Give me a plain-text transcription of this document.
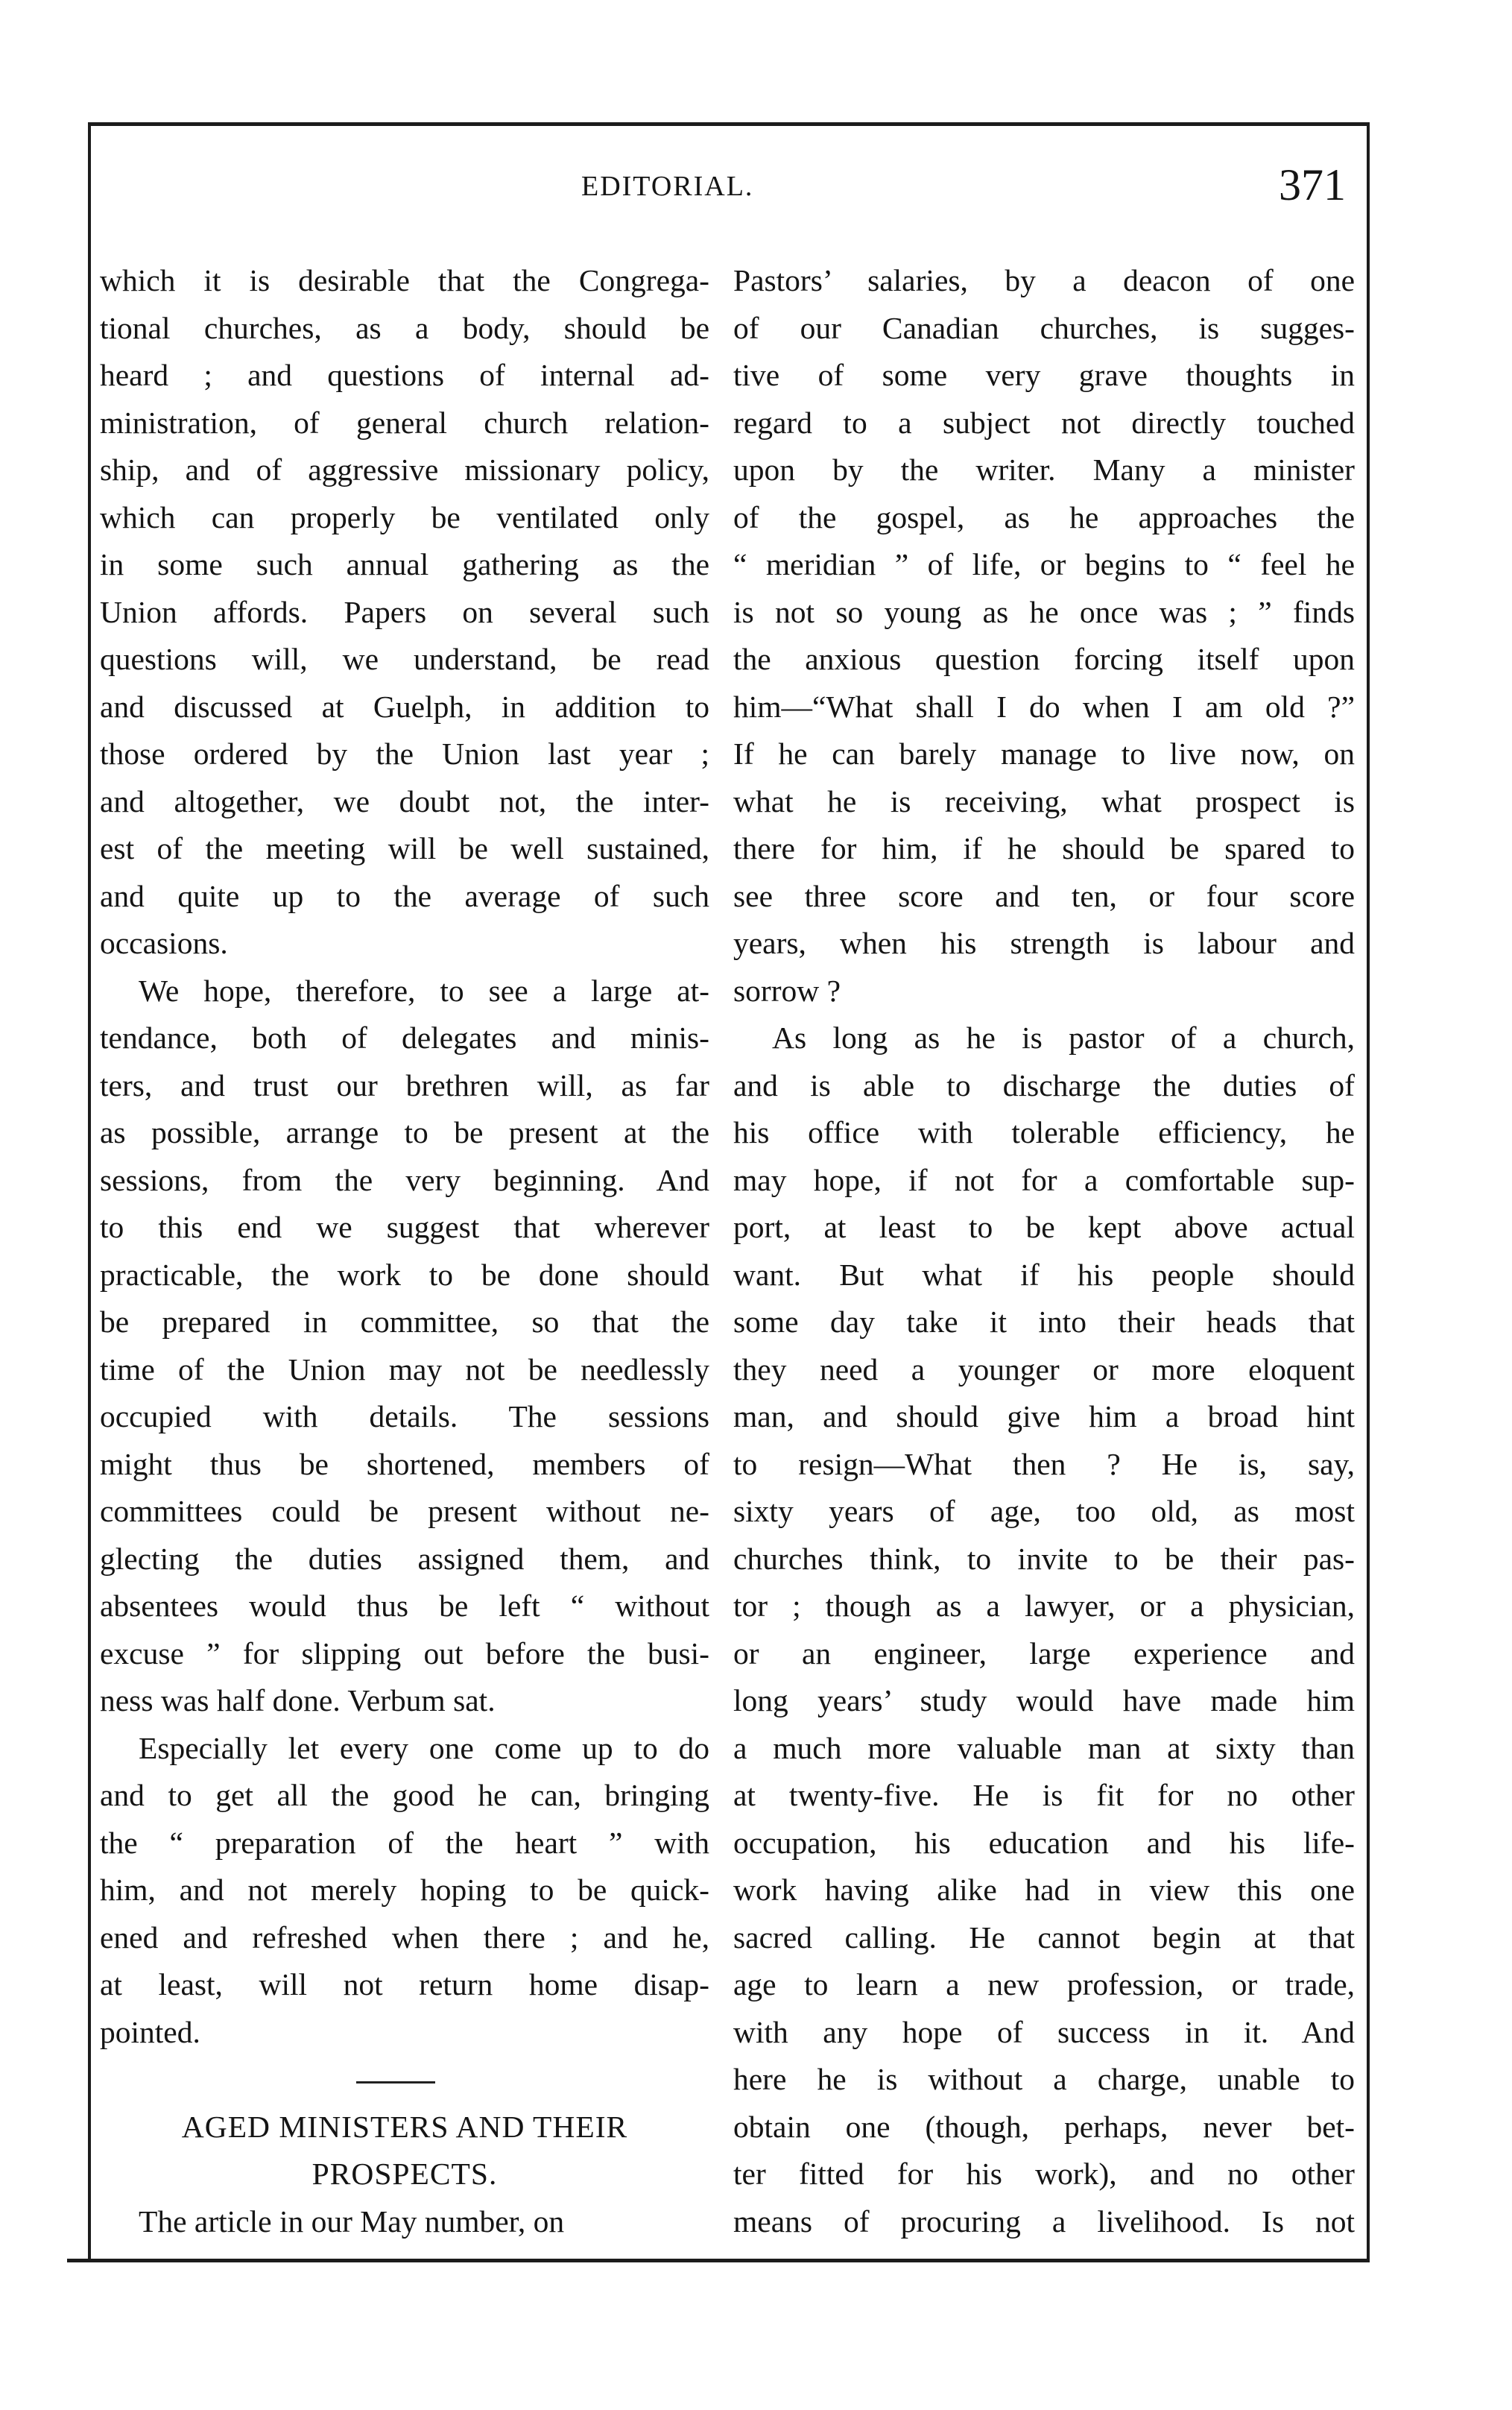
EDITORIAL.	371
which it is desirable that the Congrega-
tional churches, as a body, should be
heard ; and questions of internal ad-
ministration, of general church relation-
ship, and of aggressive missionary policy,
which can properly be ventilated only
in some such annual gathering as the
Union affords. Papers on several such
questions will, we understand, be read
and discussed at Guelph, in addition to
those ordered by the Union last year ;
and altogether, we doubt not, the inter-
est of the meeting will be well sustained,
and quite up to the average of such
occasions.
We hope, therefore, to see a large at-
tendance, both of delegates and minis-
ters, and trust our brethren will, as far
as possible, arrange to be present at the
sessions, from the very beginning. And
to this end we suggest that wherever
practicable, the work to be done should
be prepared in committee, so that the
time of the Union may not be needlessly
occupied with details. The sessions
might thus be shortened, members of
committees could be present without ne-
glecting the duties assigned them, and
absentees would thus be left “ without
excuse ” for slipping out before the busi-
ness was half done. Verbum sat.
Especially let every one come up to do
and to get all the good he can, bringing
the “ preparation of the heart ” with
him, and not merely hoping to be quick-
ened and refreshed when there ; and he,
at least, will not return home disap-
pointed.
AGED MINISTERS AND THEIR
PROSPECTS.
The article in our May number, on
Pastors’ salaries, by a deacon of one
of our Canadian churches, is sugges-
tive of some very grave thoughts in
regard to a subject not directly touched
upon by the writer. Many a minister
of the gospel, as he approaches the
“ meridian ” of life, or begins to “ feel he
is not so young as he once was ; ” finds
the anxious question forcing itself upon
him—“What shall I do when I am old ?”
If he can barely manage to live now, on
what he is receiving, what prospect is
there for him, if he should be spared to
see three score and ten, or four score
years, when his strength is labour and
sorrow ?
As long as he is pastor of a church,
and is able to discharge the duties of
his office with tolerable efficiency, he
may hope, if not for a comfortable sup-
port, at least to be kept above actual
want. But what if his people should
some day take it into their heads that
they need a younger or more eloquent
man, and should give him a broad hint
to resign—What then ? He is, say,
sixty years of age, too old, as most
churches think, to invite to be their pas-
tor ; though as a lawyer, or a physician,
or an engineer, large experience and
long years’ study would have made him
a much more valuable man at sixty than
at twenty-five. He is fit for no other
occupation, his education and his life-
work having alike had in view this one
sacred calling. He cannot begin at that
age to learn a new profession, or trade,
with any hope of success in it. And
here he is without a charge, unable to
obtain one (though, perhaps, never bet-
ter fitted for his work), and no other
means of procuring a livelihood. Is not
